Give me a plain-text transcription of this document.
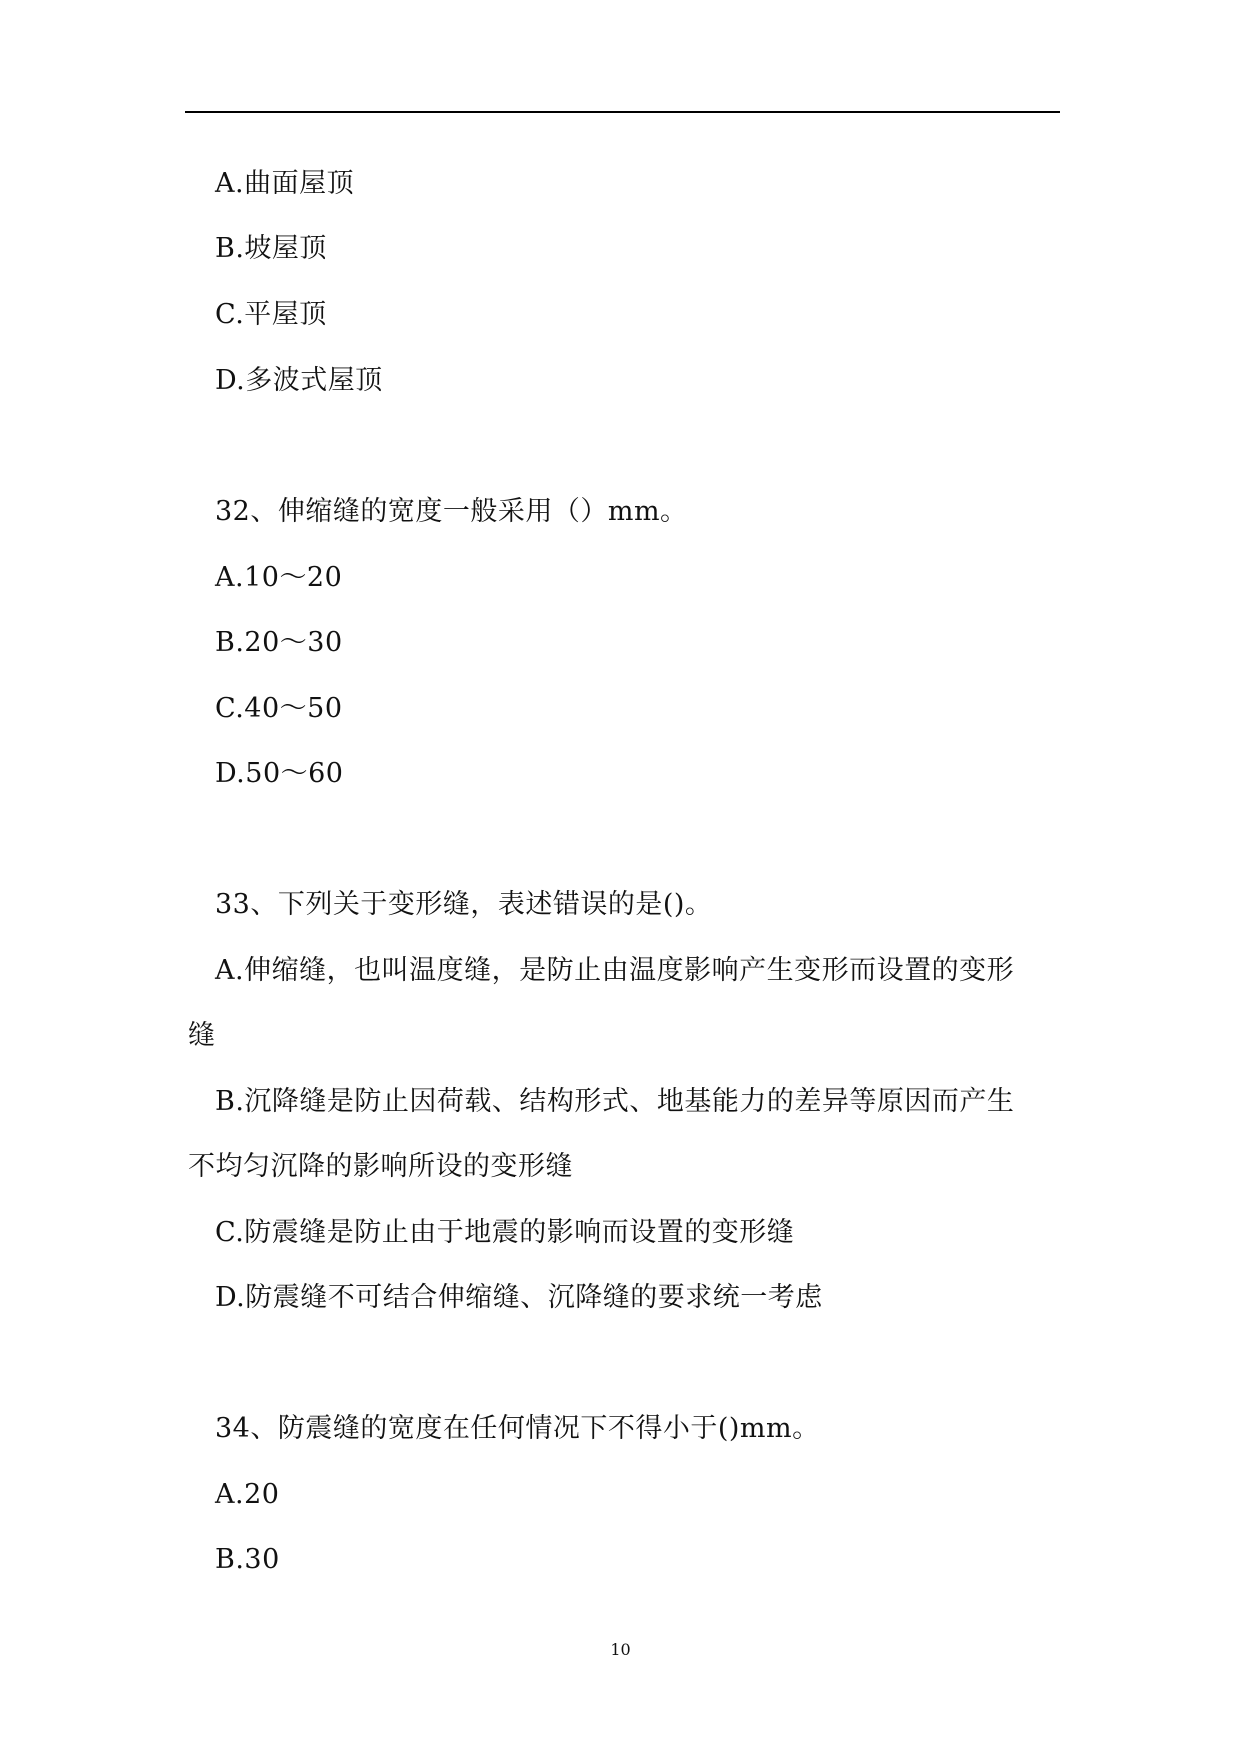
A.曲面屋顶
B.坡屋顶
C.平屋顶
D.多波式屋顶
32、伸缩缝的宽度一般采用（）mm。
A.10～20
B.20～30
C.40～50
D.50～60
33、下列关于变形缝，表述错误的是()。
A.伸缩缝，也叫温度缝，是防止由温度影响产生变形而设置的变形
缝
B.沉降缝是防止因荷载、结构形式、地基能力的差异等原因而产生
不均匀沉降的影响所设的变形缝
C.防震缝是防止由于地震的影响而设置的变形缝
D.防震缝不可结合伸缩缝、沉降缝的要求统一考虑
34、防震缝的宽度在任何情况下不得小于()mm。
A.20
B.30
10
